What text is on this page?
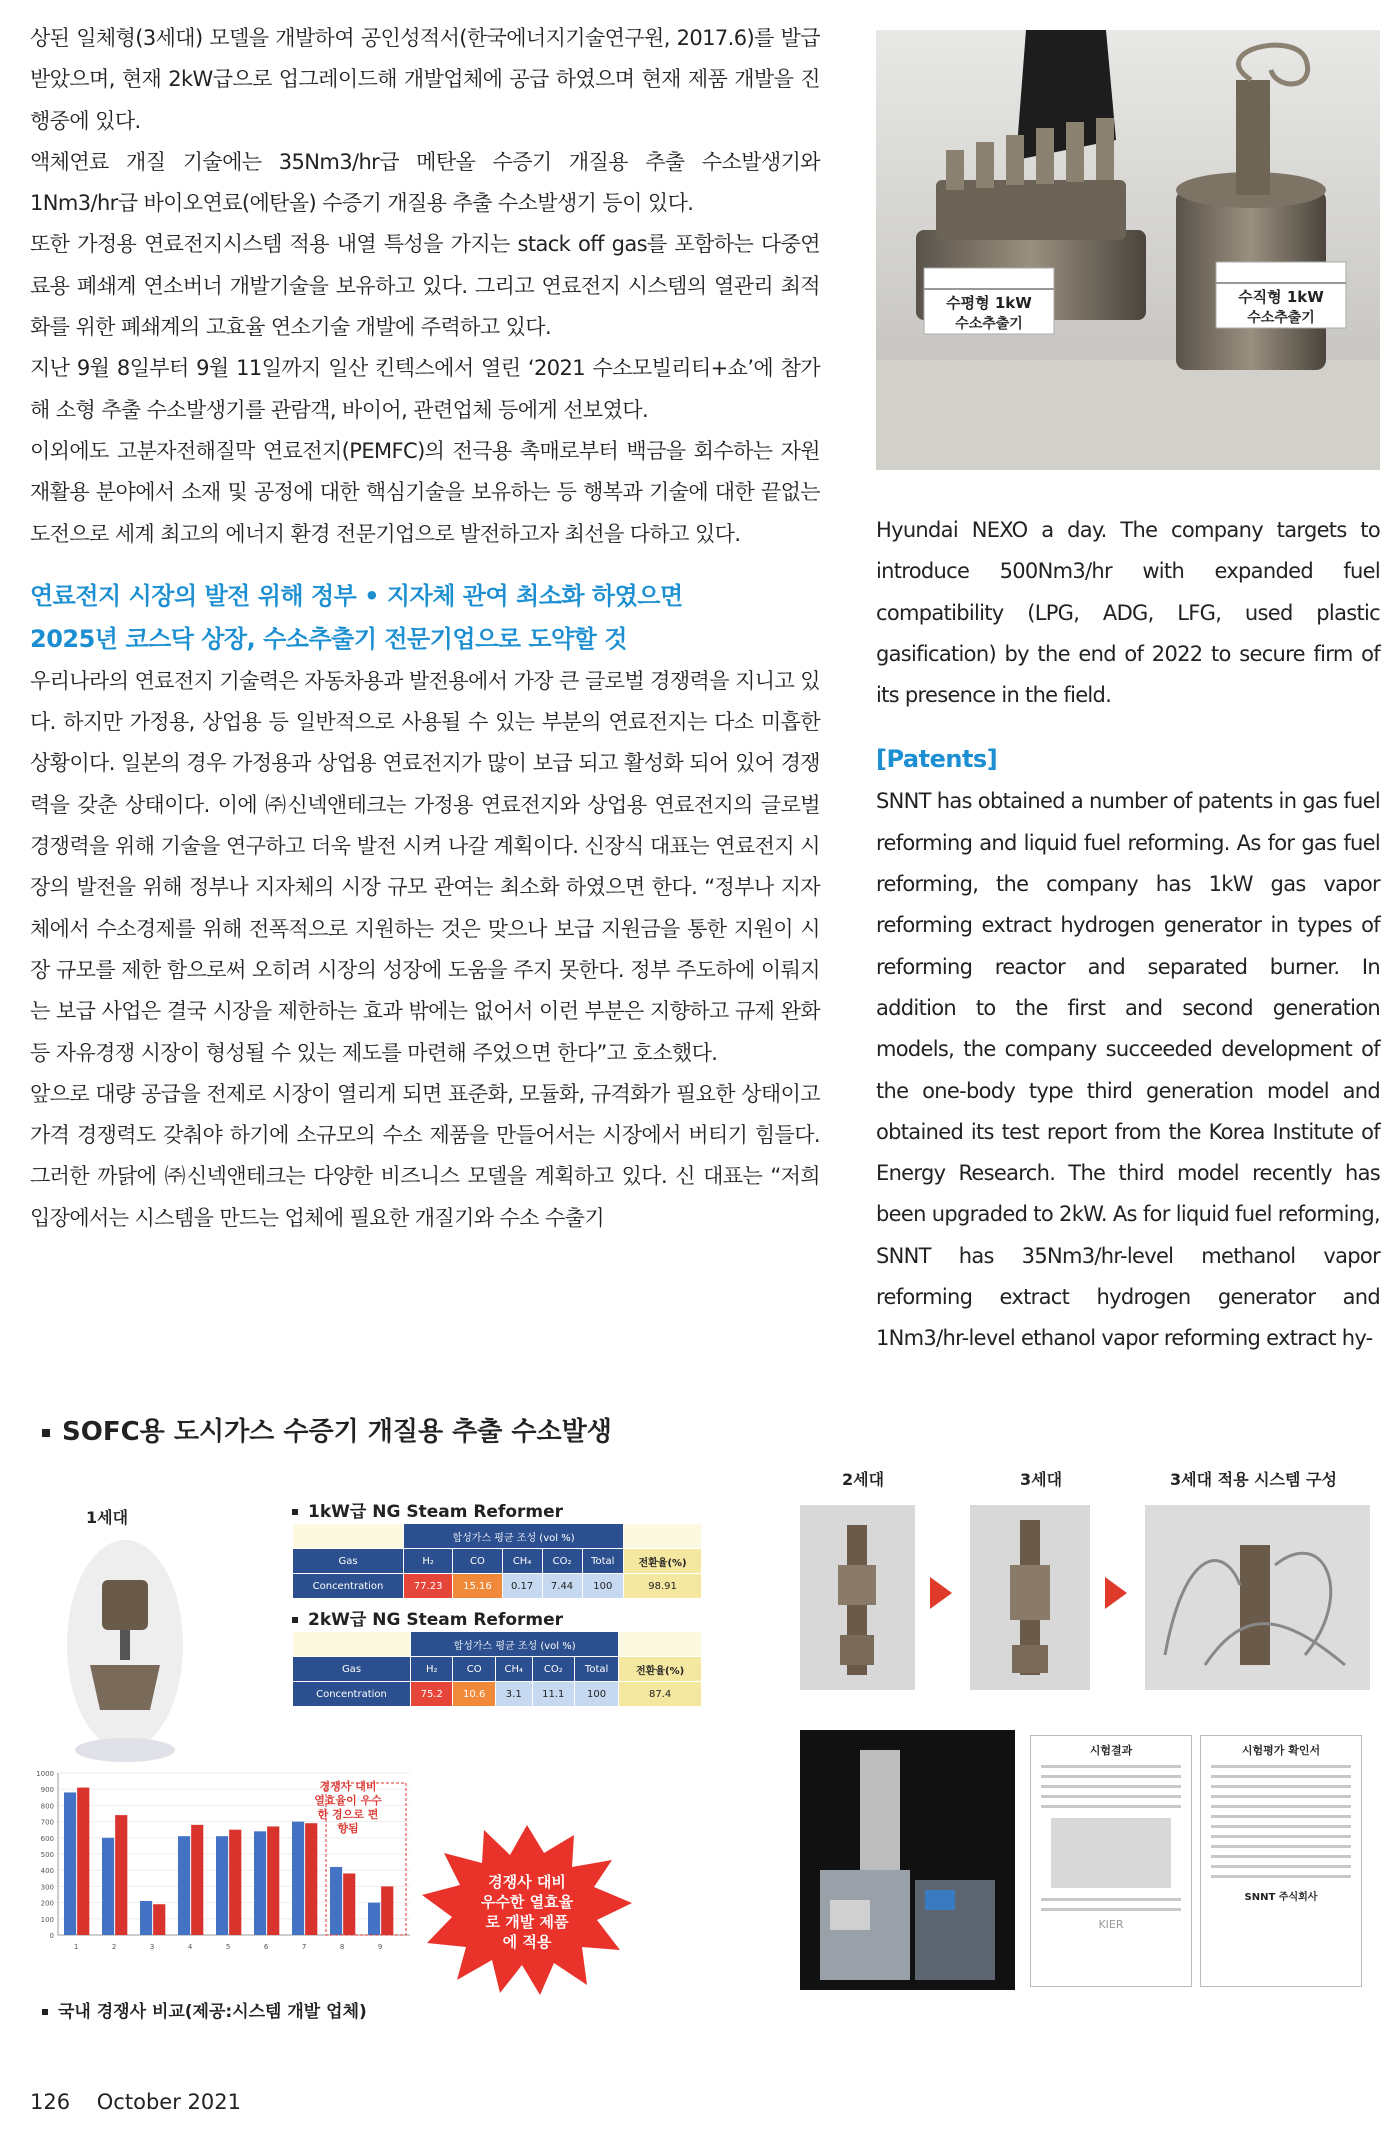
상된 일체형(3세대) 모델을 개발하여 공인성적서(한국에너지기술연구원, 2017.6)를 발급 받았으며, 현재 2kW급으로 업그레이드해 개발업체에 공급 하였으며 현재 제품 개발을 진행중에 있다.

액체연료 개질 기술에는 35Nm3/hr급 메탄올 수증기 개질용 추출 수소발생기와 1Nm3/hr급 바이오연료(에탄올) 수증기 개질용 추출 수소발생기 등이 있다.

또한 가정용 연료전지시스템 적용 내열 특성을 가지는 stack off gas를 포함하는 다중연료용 폐쇄계 연소버너 개발기술을 보유하고 있다. 그리고 연료전지 시스템의 열관리 최적화를 위한 폐쇄계의 고효율 연소기술 개발에 주력하고 있다.

지난 9월 8일부터 9월 11일까지 일산 킨텍스에서 열린 ‘2021 수소모빌리티+쇼’에 참가해 소형 추출 수소발생기를 관람객, 바이어, 관련업체 등에게 선보였다.

이외에도 고분자전해질막 연료전지(PEMFC)의 전극용 촉매로부터 백금을 회수하는 자원 재활용 분야에서 소재 및 공정에 대한 핵심기술을 보유하는 등 행복과 기술에 대한 끝없는 도전으로 세계 최고의 에너지 환경 전문기업으로 발전하고자 최선을 다하고 있다.

연료전지 시장의 발전 위해 정부 • 지자체 관여 최소화 하였으면
2025년 코스닥 상장, 수소추출기 전문기업으로 도약할 것

우리나라의 연료전지 기술력은 자동차용과 발전용에서 가장 큰 글로벌 경쟁력을 지니고 있다. 하지만 가정용, 상업용 등 일반적으로 사용될 수 있는 부분의 연료전지는 다소 미흡한 상황이다. 일본의 경우 가정용과 상업용 연료전지가 많이 보급 되고 활성화 되어 있어 경쟁력을 갖춘 상태이다. 이에 ㈜신넥앤테크는 가정용 연료전지와 상업용 연료전지의 글로벌 경쟁력을 위해 기술을 연구하고 더욱 발전 시켜 나갈 계획이다. 신장식 대표는 연료전지 시장의 발전을 위해 정부나 지자체의 시장 규모 관여는 최소화 하였으면 한다. “정부나 지자체에서 수소경제를 위해 전폭적으로 지원하는 것은 맞으나 보급 지원금을 통한 지원이 시장 규모를 제한 함으로써 오히려 시장의 성장에 도움을 주지 못한다. 정부 주도하에 이뤄지는 보급 사업은 결국 시장을 제한하는 효과 밖에는 없어서 이런 부분은 지향하고 규제 완화 등 자유경쟁 시장이 형성될 수 있는 제도를 마련해 주었으면 한다”고 호소했다.

앞으로 대량 공급을 전제로 시장이 열리게 되면 표준화, 모듈화, 규격화가 필요한 상태이고 가격 경쟁력도 갖춰야 하기에 소규모의 수소 제품을 만들어서는 시장에서 버티기 힘들다. 그러한 까닭에 ㈜신넥앤테크는 다양한 비즈니스 모델을 계획하고 있다. 신 대표는 “저희 입장에서는 시스템을 만드는 업체에 필요한 개질기와 수소 수출기

수평형 1kW
수소추출기
수직형 1kW
수소추출기

Hyundai NEXO a day. The company targets to introduce 500Nm3/hr with expanded fuel compatibility (LPG, ADG, LFG, used plastic gasification) by the end of 2022 to secure firm of its presence in the field.

[Patents]

SNNT has obtained a number of patents in gas fuel reforming and liquid fuel reforming. As for gas fuel reforming, the company has 1kW gas vapor reforming extract hydrogen generator in types of reforming reactor and separated burner. In addition to the first and second generation models, the company succeeded development of the one-body type third generation model and obtained its test report from the Korea Institute of Energy Research. The third model recently has been upgraded to 2kW. As for liquid fuel reforming, SNNT has 35Nm3/hr-level methanol vapor reforming extract hydrogen generator and 1Nm3/hr-level ethanol vapor reforming extract hy-

SOFC용 도시가스 수증기 개질용 추출 수소발생
1세대	1kW급 NG Steam Reformer
	합성가스 평균 조성 (vol %)					
Gas	H₂	CO	CH₄	CO₂	Total	전환율(%)
Concentration	77.23	15.16	0.17	7.44	100	98.91
2kW급 NG Steam Reformer
	합성가스 평균 조성 (vol %)					
Gas	H₂	CO	CH₄	CO₂	Total	전환율(%)
Concentration	75.2	10.6	3.1	11.1	100	87.4
0
100
200
300
400
500
600
700
800
900
1000
1	2	3	4	5	6	7	8	9
경쟁사 대비 열효율이 우수한 경으로 편향됨
경쟁사 대비
우수한 열효율
로 개발 제품
에 적용
국내 경쟁사 비교(제공:시스템 개발 업체)
2세대	3세대	3세대 적용 시스템 구성
시험결과
KIER
시험평가 확인서
SNNT 주식회사
126 October 2021
